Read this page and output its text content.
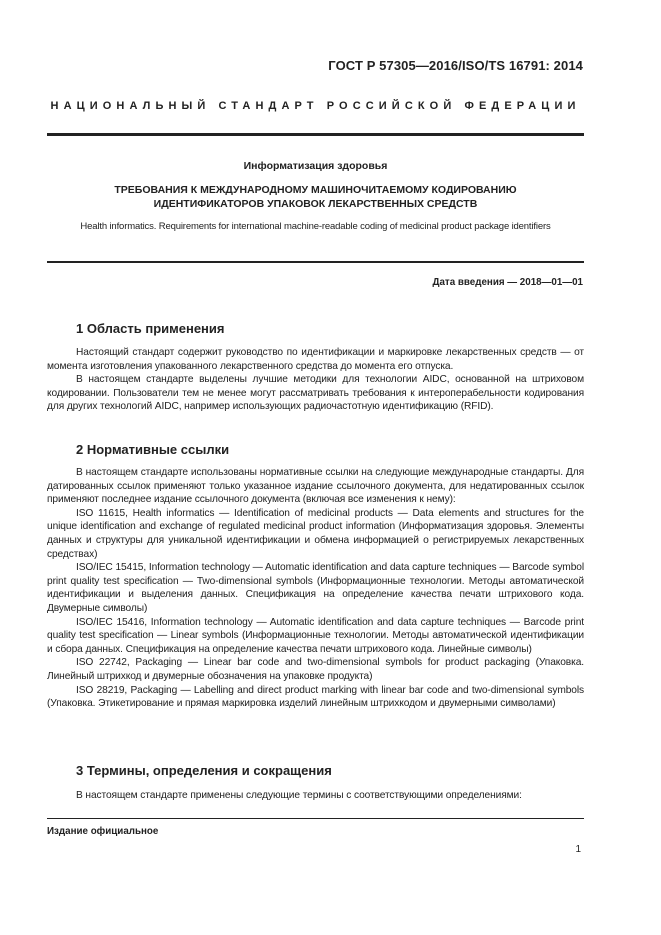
ГОСТ Р 57305—2016/ISO/TS 16791: 2014
НАЦИОНАЛЬНЫЙ СТАНДАРТ РОССИЙСКОЙ ФЕДЕРАЦИИ
Информатизация здоровья
ТРЕБОВАНИЯ К МЕЖДУНАРОДНОМУ МАШИНОЧИТАЕМОМУ КОДИРОВАНИЮ
ИДЕНТИФИКАТОРОВ УПАКОВОК ЛЕКАРСТВЕННЫХ СРЕДСТВ
Health informatics. Requirements for international machine-readable coding of medicinal product package identifiers
Дата введения — 2018—01—01
1 Область применения

Настоящий стандарт содержит руководство по идентификации и маркировке лекарственных средств — от момента изготовления упакованного лекарственного средства до момента его отпуска.

В настоящем стандарте выделены лучшие методики для технологии AIDC, основанной на штриховом кодировании. Пользователи тем не менее могут рассматривать требования к интероперабельности кодирования для других технологий AIDC, например использующих радиочастотную идентификацию (RFID).

2 Нормативные ссылки

В настоящем стандарте использованы нормативные ссылки на следующие международные стандарты. Для датированных ссылок применяют только указанное издание ссылочного документа, для недатированных ссылок применяют последнее издание ссылочного документа (включая все изменения к нему):

ISO 11615, Health informatics — Identification of medicinal products — Data elements and structures for the unique identification and exchange of regulated medicinal product information (Информатизация здоровья. Элементы данных и структуры для уникальной идентификации и обмена информацией о регистрируемых лекарственных средствах)

ISO/IEC 15415, Information technology — Automatic identification and data capture techniques — Barcode symbol print quality test specification — Two-dimensional symbols (Информационные технологии. Методы автоматической идентификации и выделения данных. Спецификация на определение качества печати штрихового кода. Двумерные символы)

ISO/IEC 15416, Information technology — Automatic identification and data capture techniques — Barcode print quality test specification — Linear symbols (Информационные технологии. Методы автоматической идентификации и сбора данных. Спецификация на определение качества печати штрихового кода. Линейные символы)

ISO 22742, Packaging — Linear bar code and two-dimensional symbols for product packaging (Упаковка. Линейный штрихкод и двумерные обозначения на упаковке продукта)

ISO 28219, Packaging — Labelling and direct product marking with linear bar code and two-dimensional symbols (Упаковка. Этикетирование и прямая маркировка изделий линейным штрихкодом и двумерными символами)

3 Термины, определения и сокращения

В настоящем стандарте применены следующие термины с соответствующими определениями:

Издание официальное
1
